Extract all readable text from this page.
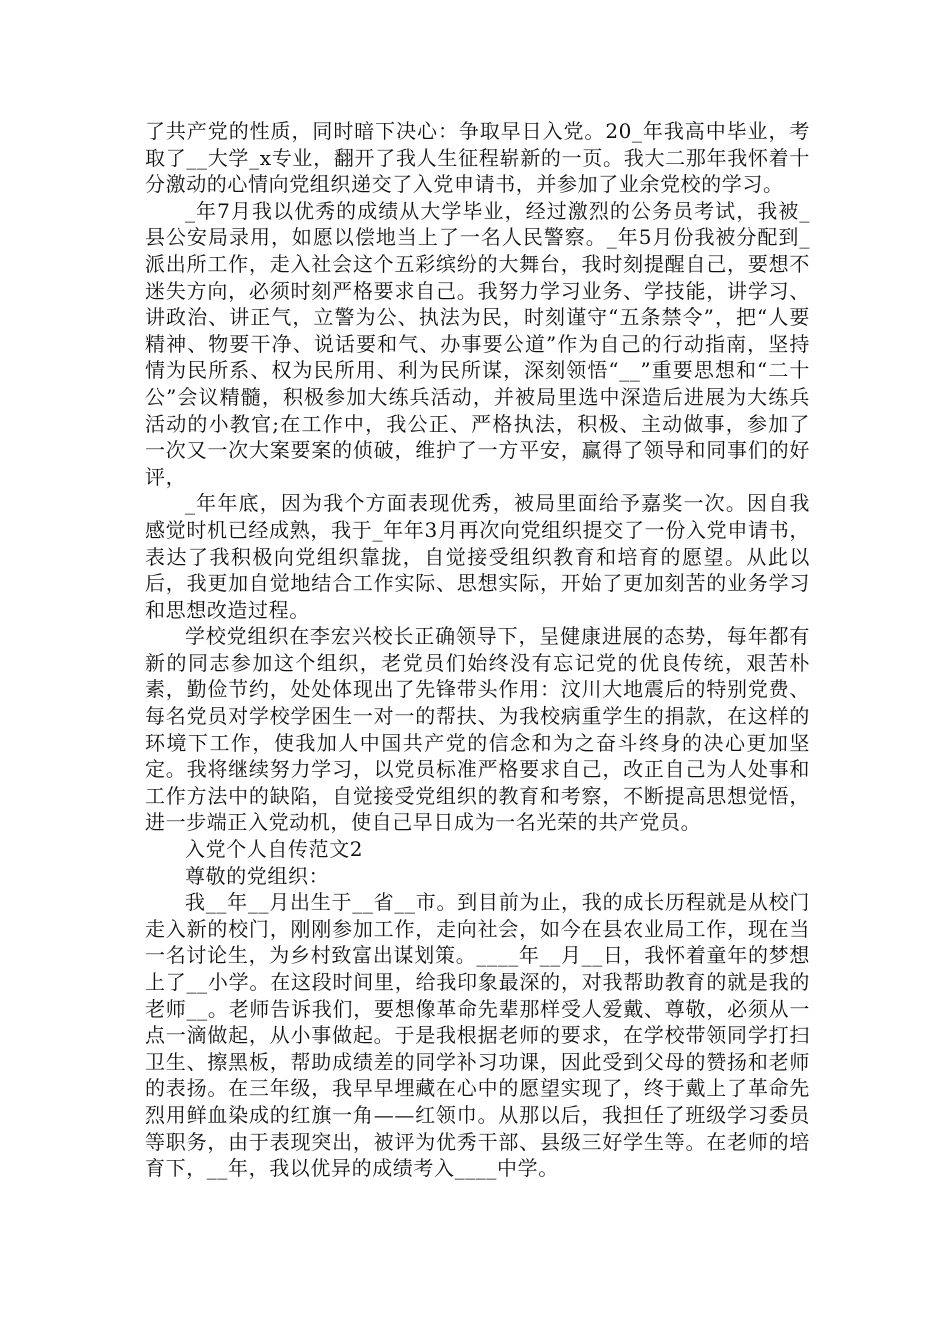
了共产党的性质，同时暗下决心：争取早日入党。20_年我高中毕业，考取了__大学_x专业，翻开了我人生征程崭新的一页。我大二那年我怀着十分激动的心情向党组织递交了入党申请书，并参加了业余党校的学习。

_年7月我以优秀的成绩从大学毕业，经过激烈的公务员考试，我被_县公安局录用，如愿以偿地当上了一名人民警察。_年5月份我被分配到_派出所工作，走入社会这个五彩缤纷的大舞台，我时刻提醒自己，要想不迷失方向，必须时刻严格要求自己。我努力学习业务、学技能，讲学习、讲政治、讲正气，立警为公、执法为民，时刻谨守“五条禁令”，把“人要精神、物要干净、说话要和气、办事要公道”作为自己的行动指南，坚持情为民所系、权为民所用、利为民所谋，深刻领悟“__”重要思想和“二十公”会议精髓，积极参加大练兵活动，并被局里选中深造后进展为大练兵活动的小教官;在工作中，我公正、严格执法，积极、主动做事，参加了一次又一次大案要案的侦破，维护了一方平安，赢得了领导和同事们的好评，

_年年底，因为我个方面表现优秀，被局里面给予嘉奖一次。因自我感觉时机已经成熟，我于_年年3月再次向党组织提交了一份入党申请书，表达了我积极向党组织靠拢，自觉接受组织教育和培育的愿望。从此以后，我更加自觉地结合工作实际、思想实际，开始了更加刻苦的业务学习和思想改造过程。

学校党组织在李宏兴校长正确领导下，呈健康进展的态势，每年都有新的同志参加这个组织，老党员们始终没有忘记党的优良传统，艰苦朴素，勤俭节约，处处体现出了先锋带头作用：汶川大地震后的特别党费、每名党员对学校学困生一对一的帮扶、为我校病重学生的捐款，在这样的环境下工作，使我加人中国共产党的信念和为之奋斗终身的决心更加坚定。我将继续努力学习，以党员标准严格要求自己，改正自己为人处事和工作方法中的缺陷，自觉接受党组织的教育和考察，不断提高思想觉悟，进一步端正入党动机，使自己早日成为一名光荣的共产党员。

入党个人自传范文2

尊敬的党组织：

我__年__月出生于__省__市。到目前为止，我的成长历程就是从校门走入新的校门，刚刚参加工作，走向社会，如今在县农业局工作，现在当一名讨论生，为乡村致富出谋划策。____年__月__日，我怀着童年的梦想上了__小学。在这段时间里，给我印象最深的，对我帮助教育的就是我的老师__。老师告诉我们，要想像革命先辈那样受人爱戴、尊敬，必须从一点一滴做起，从小事做起。于是我根据老师的要求，在学校带领同学打扫卫生、擦黑板，帮助成绩差的同学补习功课，因此受到父母的赞扬和老师的表扬。在三年级，我早早埋藏在心中的愿望实现了，终于戴上了革命先烈用鲜血染成的红旗一角——红领巾。从那以后，我担任了班级学习委员等职务，由于表现突出，被评为优秀干部、县级三好学生等。在老师的培育下，__年，我以优异的成绩考入____中学。
